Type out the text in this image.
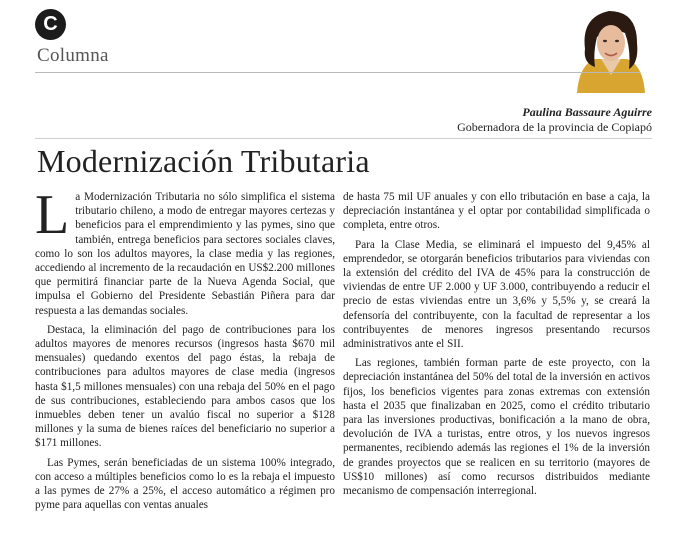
C
Columna
Paulina Bassaure Aguirre
Gobernadora de la provincia de Copiapó
Modernización Tributaria

La Modernización Tributaria no sólo simplifica el sistema tributario chileno, a modo de entregar mayores certezas y beneficios para el emprendimiento y las pymes, sino que también, entrega beneficios para sectores sociales claves, como lo son los adultos mayores, la clase media y las regiones, accediendo al incremento de la recaudación en US$2.200 millones que permitirá financiar parte de la Nueva Agenda Social, que impulsa el Gobierno del Presidente Sebastián Piñera para dar respuesta a las demandas sociales.

Destaca, la eliminación del pago de contribuciones para los adultos mayores de menores recursos (ingresos hasta $670 mil mensuales) quedando exentos del pago éstas, la rebaja de contribuciones para adultos mayores de clase media (ingresos hasta $1,5 millones mensuales) con una rebaja del 50% en el pago de sus contribuciones, estableciendo para ambos casos que los inmuebles deben tener un avalúo fiscal no superior a $128 millones y la suma de bienes raíces del beneficiario no superior a $171 millones.

Las Pymes, serán beneficiadas de un sistema 100% integrado, con acceso a múltiples beneficios como lo es la rebaja el impuesto a las pymes de 27% a 25%, el acceso automático a régimen pro pyme para aquellas con ventas anuales

de hasta 75 mil UF anuales y con ello tributación en base a caja, la depreciación instantánea y el optar por contabilidad simplificada o completa, entre otros.

Para la Clase Media, se eliminará el impuesto del 9,45% al emprendedor, se otorgarán beneficios tributarios para viviendas con la extensión del crédito del IVA de 45% para la construcción de viviendas de entre UF 2.000 y UF 3.000, contribuyendo a reducir el precio de estas viviendas entre un 3,6% y 5,5% y, se creará la defensoría del contribuyente, con la facultad de representar a los contribuyentes de menores ingresos presentando recursos administrativos ante el SII.

Las regiones, también forman parte de este proyecto, con la depreciación instantánea del 50% del total de la inversión en activos fijos, los beneficios vigentes para zonas extremas con extensión hasta el 2035 que finalizaban en 2025, como el crédito tributario para las inversiones productivas, bonificación a la mano de obra, devolución de IVA a turistas, entre otros, y los nuevos ingresos permanentes, recibiendo además las regiones el 1% de la inversión de grandes proyectos que se realicen en su territorio (mayores de US$10 millones) así como recursos distribuidos mediante mecanismo de compensación interregional.
